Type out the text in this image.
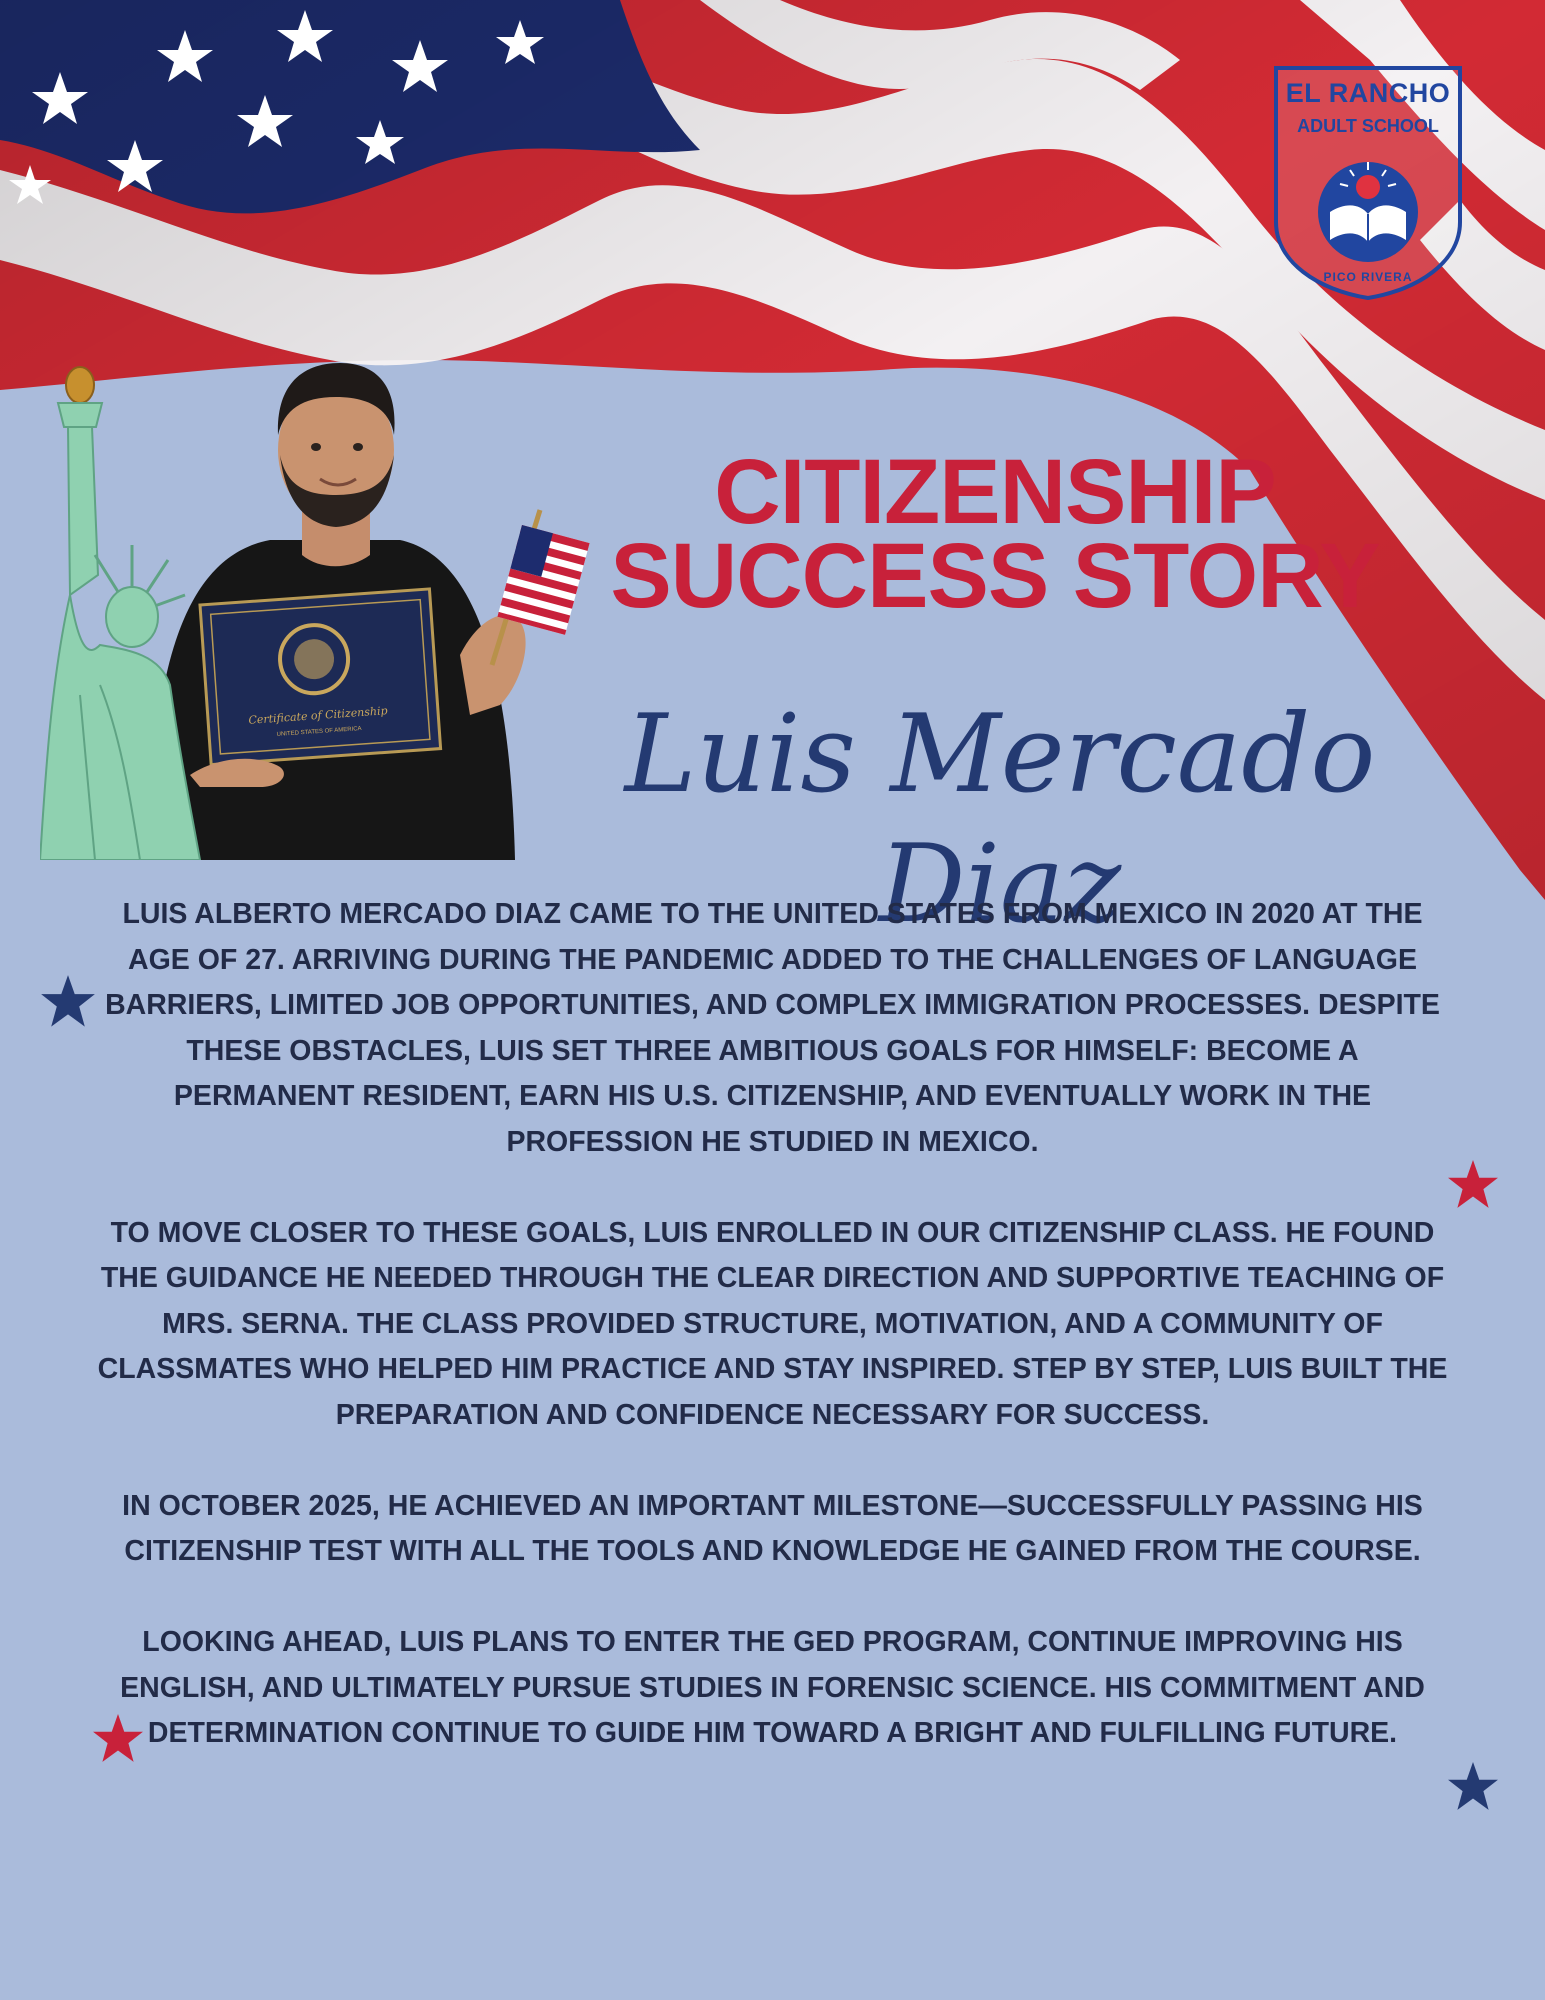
EL RANCHO
ADULT SCHOOL
PICO RIVERA
Certificate of Citizenship
UNITED STATES OF AMERICA
CITIZENSHIP
SUCCESS STORY
Luis Mercado Diaz

LUIS ALBERTO MERCADO DIAZ CAME TO THE UNITED STATES FROM MEXICO IN 2020 AT THE AGE OF 27. ARRIVING DURING THE PANDEMIC ADDED TO THE CHALLENGES OF LANGUAGE BARRIERS, LIMITED JOB OPPORTUNITIES, AND COMPLEX IMMIGRATION PROCESSES. DESPITE THESE OBSTACLES, LUIS SET THREE AMBITIOUS GOALS FOR HIMSELF: BECOME A PERMANENT RESIDENT, EARN HIS U.S. CITIZENSHIP, AND EVENTUALLY WORK IN THE PROFESSION HE STUDIED IN MEXICO.

TO MOVE CLOSER TO THESE GOALS, LUIS ENROLLED IN OUR CITIZENSHIP CLASS. HE FOUND THE GUIDANCE HE NEEDED THROUGH THE CLEAR DIRECTION AND SUPPORTIVE TEACHING OF MRS. SERNA. THE CLASS PROVIDED STRUCTURE, MOTIVATION, AND A COMMUNITY OF CLASSMATES WHO HELPED HIM PRACTICE AND STAY INSPIRED. STEP BY STEP, LUIS BUILT THE PREPARATION AND CONFIDENCE NECESSARY FOR SUCCESS.

IN OCTOBER 2025, HE ACHIEVED AN IMPORTANT MILESTONE—SUCCESSFULLY PASSING HIS CITIZENSHIP TEST WITH ALL THE TOOLS AND KNOWLEDGE HE GAINED FROM THE COURSE.

LOOKING AHEAD, LUIS PLANS TO ENTER THE GED PROGRAM, CONTINUE IMPROVING HIS ENGLISH, AND ULTIMATELY PURSUE STUDIES IN FORENSIC SCIENCE. HIS COMMITMENT AND DETERMINATION CONTINUE TO GUIDE HIM TOWARD A BRIGHT AND FULFILLING FUTURE.
